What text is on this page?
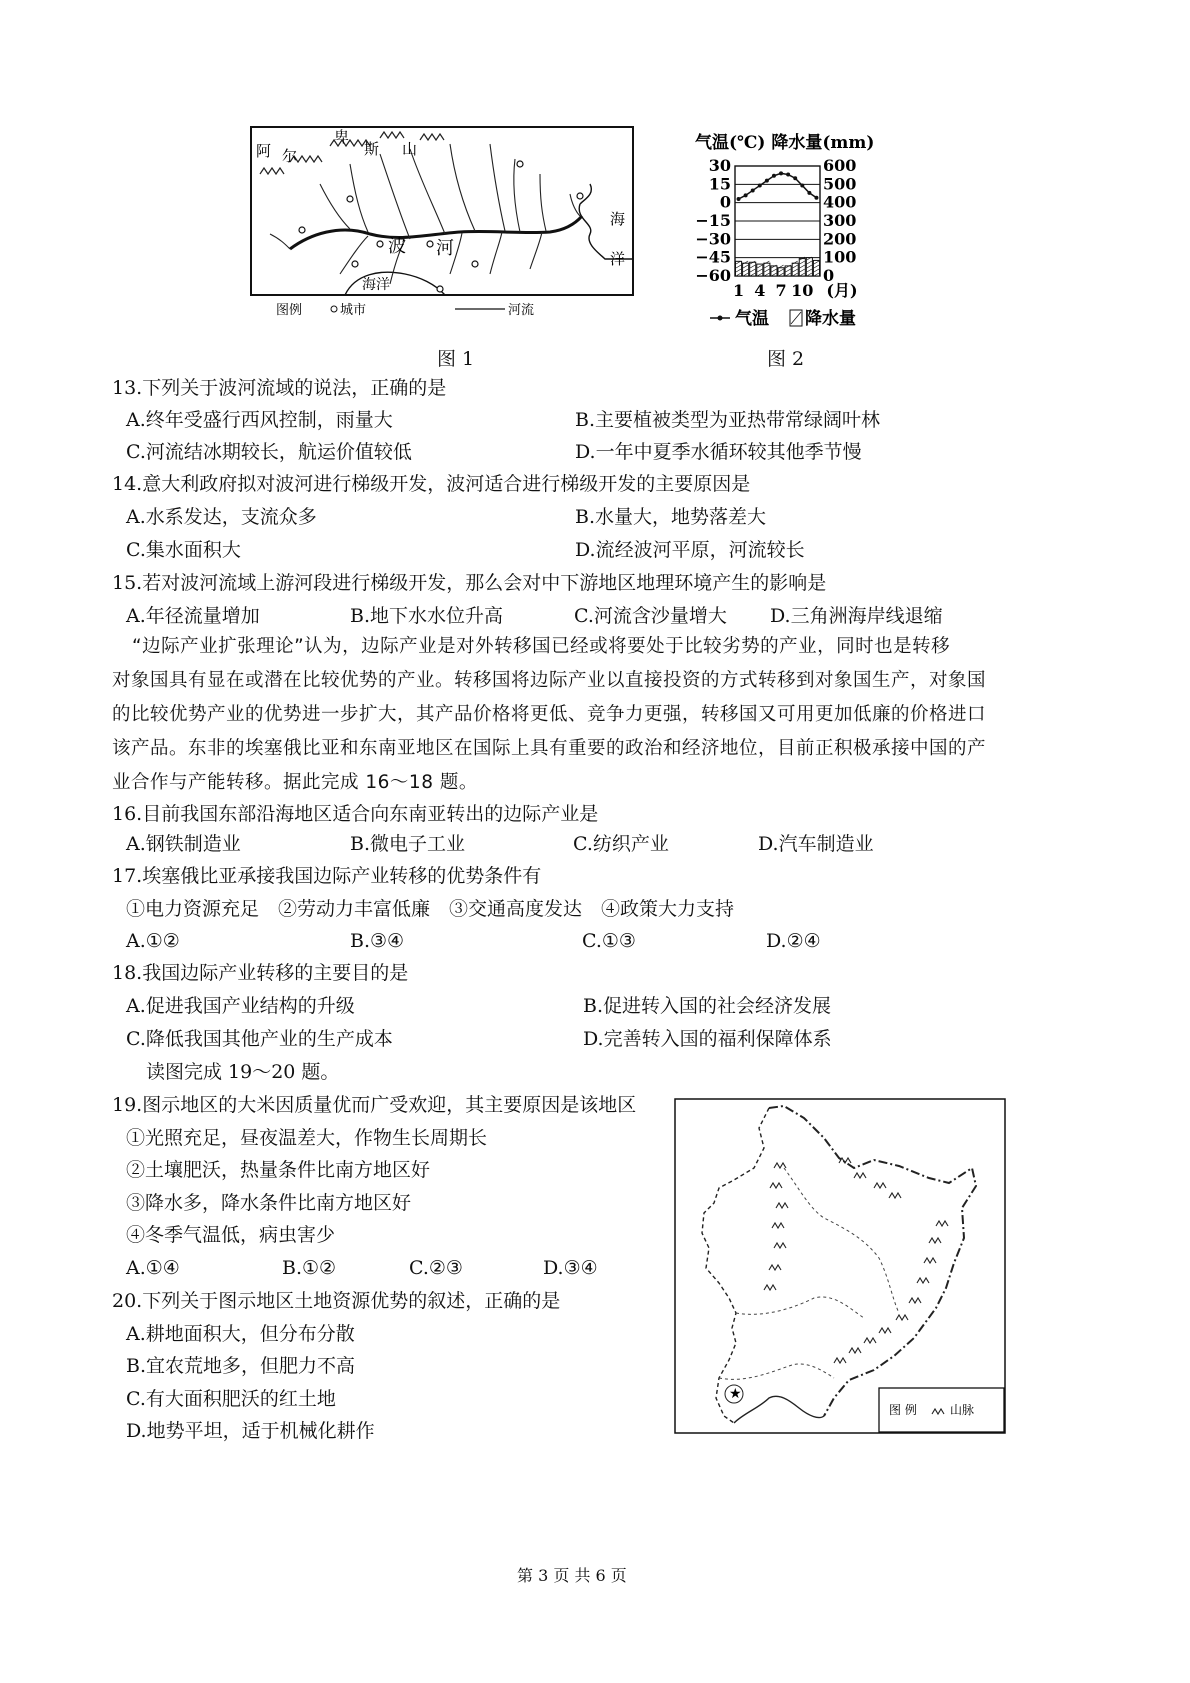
阿 尔
卑
斯 山
海
洋
海洋
波 河
图例	城市	河流
图 1
气温(℃) 降水量(mm)
30
15
0
−15
−30
−45
−60
600
500
400
300
200
100
0
1 4 7 10 (月)
气温 降水量
图 2
13.下列关于波河流域的说法，正确的是
A.终年受盛行西风控制，雨量大	B.主要植被类型为亚热带常绿阔叶林
C.河流结冰期较长，航运价值较低	D.一年中夏季水循环较其他季节慢
14.意大利政府拟对波河进行梯级开发，波河适合进行梯级开发的主要原因是
A.水系发达，支流众多	B.水量大，地势落差大
C.集水面积大	D.流经波河平原，河流较长
15.若对波河流域上游河段进行梯级开发，那么会对中下游地区地理环境产生的影响是
A.年径流量增加	B.地下水水位升高	C.河流含沙量增大 D.三角洲海岸线退缩
“边际产业扩张理论”认为，边际产业是对外转移国已经或将要处于比较劣势的产业，同时也是转移
对象国具有显在或潜在比较优势的产业。转移国将边际产业以直接投资的方式转移到对象国生产，对象国
的比较优势产业的优势进一步扩大，其产品价格将更低、竞争力更强，转移国又可用更加低廉的价格进口
该产品。东非的埃塞俄比亚和东南亚地区在国际上具有重要的政治和经济地位，目前正积极承接中国的产
业合作与产能转移。据此完成 16～18 题。
16.目前我国东部沿海地区适合向东南亚转出的边际产业是
A.钢铁制造业	B.微电子工业	C.纺织产业	D.汽车制造业
17.埃塞俄比亚承接我国边际产业转移的优势条件有
①电力资源充足　②劳动力丰富低廉　③交通高度发达　④政策大力支持
A.①②	B.③④	C.①③	D.②④
18.我国边际产业转移的主要目的是
A.促进我国产业结构的升级	B.促进转入国的社会经济发展
C.降低我国其他产业的生产成本	D.完善转入国的福利保障体系
读图完成 19～20 题。
19.图示地区的大米因质量优而广受欢迎，其主要原因是该地区
①光照充足，昼夜温差大，作物生长周期长
②土壤肥沃，热量条件比南方地区好
③降水多，降水条件比南方地区好
④冬季气温低，病虫害少
A.①④	B.①②	C.②③	D.③④
20.下列关于图示地区土地资源优势的叙述，正确的是
A.耕地面积大，但分布分散
B.宜农荒地多，但肥力不高
C.有大面积肥沃的红土地
D.地势平坦，适于机械化耕作
★
图 例	山脉
第 3 页 共 6 页
